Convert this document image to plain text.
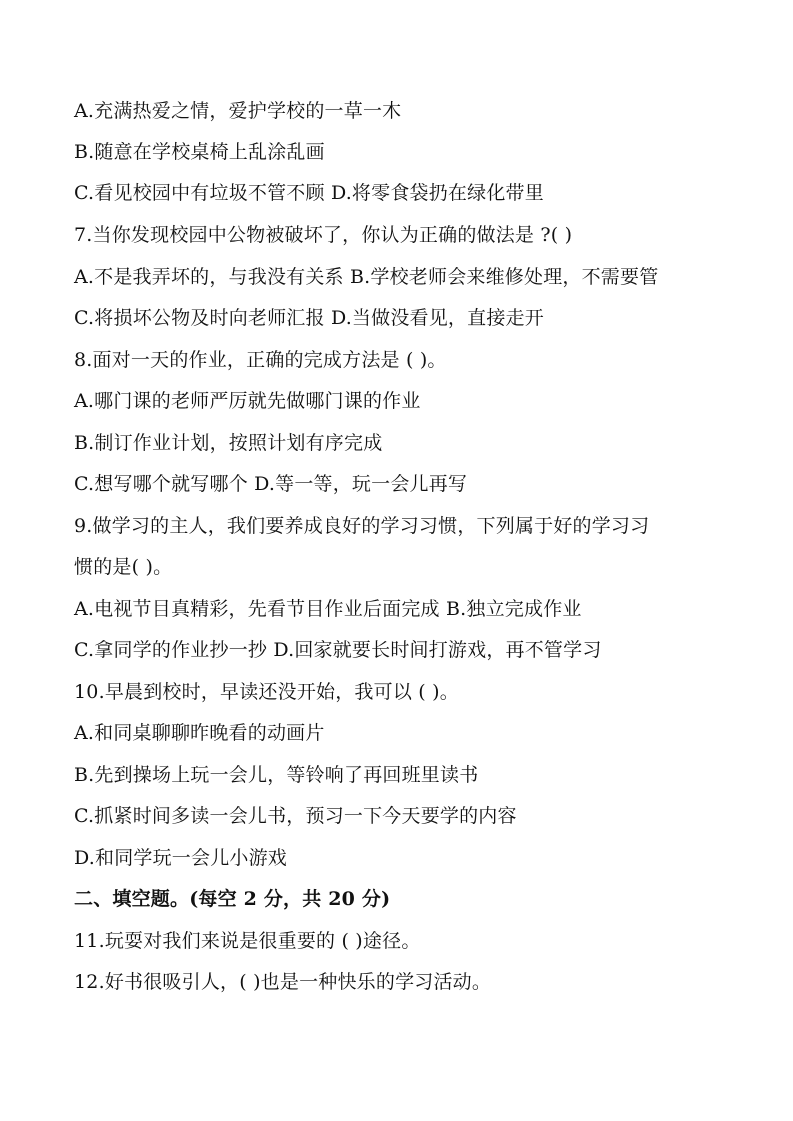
A.充满热爱之情，爱护学校的一草一木
B.随意在学校桌椅上乱涂乱画
C.看见校园中有垃圾不管不顾 D.将零食袋扔在绿化带里
7.当你发现校园中公物被破坏了，你认为正确的做法是 ?( )
A.不是我弄坏的，与我没有关系 B.学校老师会来维修处理，不需要管
C.将损坏公物及时向老师汇报 D.当做没看见，直接走开
8.面对一天的作业，正确的完成方法是 ( )。
A.哪门课的老师严厉就先做哪门课的作业
B.制订作业计划，按照计划有序完成
C.想写哪个就写哪个 D.等一等，玩一会儿再写
9.做学习的主人，我们要养成良好的学习习惯，下列属于好的学习习
惯的是( )。
A.电视节目真精彩，先看节目作业后面完成 B.独立完成作业
C.拿同学的作业抄一抄 D.回家就要长时间打游戏，再不管学习
10.早晨到校时，早读还没开始，我可以 ( )。
A.和同桌聊聊昨晚看的动画片
B.先到操场上玩一会儿，等铃响了再回班里读书
C.抓紧时间多读一会儿书，预习一下今天要学的内容
D.和同学玩一会儿小游戏
二、填空题。(每空 2 分，共 20 分)
11.玩耍对我们来说是很重要的 ( )途径。
12.好书很吸引人，( )也是一种快乐的学习活动。
